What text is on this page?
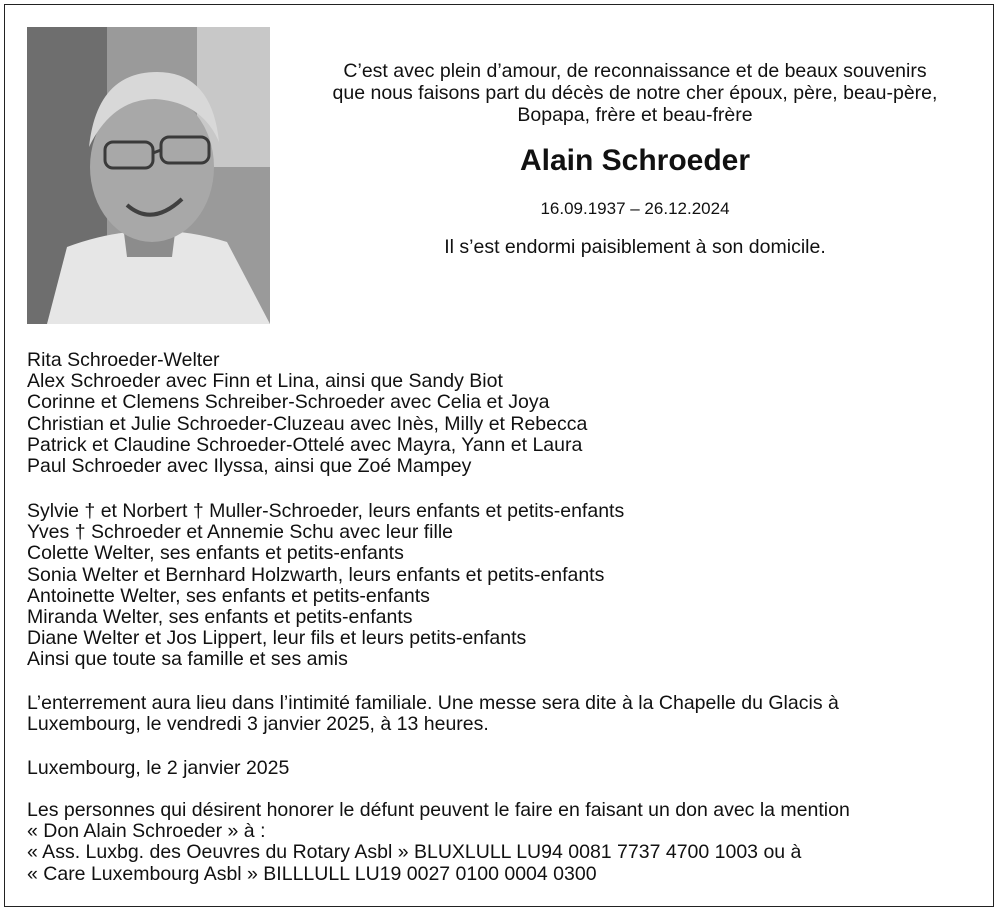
C’est avec plein d’amour, de reconnaissance et de beaux souvenirs
que nous faisons part du décès de notre cher époux, père, beau-père,
Bopapa, frère et beau-frère
Alain Schroeder
16.09.1937 – 26.12.2024
Il s’est endormi paisiblement à son domicile.
Rita Schroeder-Welter
Alex Schroeder avec Finn et Lina, ainsi que Sandy Biot
Corinne et Clemens Schreiber-Schroeder avec Celia et Joya
Christian et Julie Schroeder-Cluzeau avec Inès, Milly et Rebecca
Patrick et Claudine Schroeder-Ottelé avec Mayra, Yann et Laura
Paul Schroeder avec Ilyssa, ainsi que Zoé Mampey
Sylvie † et Norbert † Muller-Schroeder, leurs enfants et petits-enfants
Yves † Schroeder et Annemie Schu avec leur fille
Colette Welter, ses enfants et petits-enfants
Sonia Welter et Bernhard Holzwarth, leurs enfants et petits-enfants
Antoinette Welter, ses enfants et petits-enfants
Miranda Welter, ses enfants et petits-enfants
Diane Welter et Jos Lippert, leur fils et leurs petits-enfants
Ainsi que toute sa famille et ses amis
L’enterrement aura lieu dans l’intimité familiale. Une messe sera dite à la Chapelle du Glacis à
Luxembourg, le vendredi 3 janvier 2025, à 13 heures.
Luxembourg, le 2 janvier 2025
Les personnes qui désirent honorer le défunt peuvent le faire en faisant un don avec la mention
« Don Alain Schroeder » à :
« Ass. Luxbg. des Oeuvres du Rotary Asbl » BLUXLULL LU94 0081 7737 4700 1003 ou à
« Care Luxembourg Asbl » BILLLULL LU19 0027 0100 0004 0300
